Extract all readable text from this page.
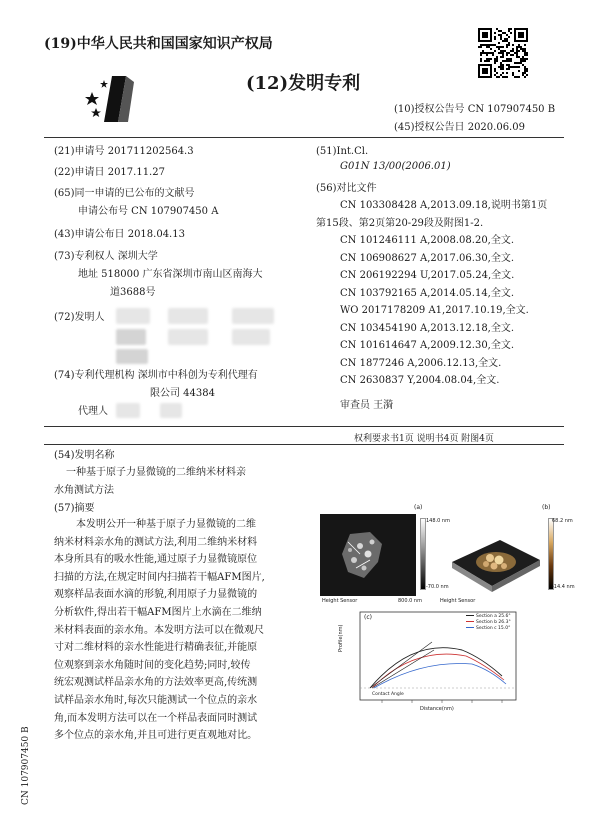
(19)中华人民共和国国家知识产权局
(12)发明专利
(10)授权公告号 CN 107907450 B
(45)授权公告日 2020.06.09
(21)申请号 201711202564.3
(22)申请日 2017.11.27
(65)同一申请的已公布的文献号
申请公布号 CN 107907450 A
(43)申请公布日 2018.04.13
(73)专利权人 深圳大学
地址 518000 广东省深圳市南山区南海大
道3688号
(72)发明人
(74)专利代理机构 深圳市中科创为专利代理有
限公司 44384
代理人
(51)Int.Cl.
G01N 13/00(2006.01)
(56)对比文件
CN 103308428 A,2013.09.18,说明书第1页
第15段、第2页第20-29段及附图1-2.
CN 101246111 A,2008.08.20,全文.
CN 106908627 A,2017.06.30,全文.
CN 206192294 U,2017.05.24,全文.
CN 103792165 A,2014.05.14,全文.
WO 2017178209 A1,2017.10.19,全文.
CN 103454190 A,2013.12.18,全文.
CN 101614647 A,2009.12.30,全文.
CN 1877246 A,2006.12.13,全文.
CN 2630837 Y,2004.08.04,全文.
审查员 王漪
权利要求书1页 说明书4页 附图4页
(54)发明名称
一种基于原子力显微镜的二维纳米材料亲
水角测试方法
(57)摘要
本发明公开一种基于原子力显微镜的二维
纳米材料亲水角的测试方法,利用二维纳米材料
本身所具有的吸水性能,通过原子力显微镜原位
扫描的方法,在规定时间内扫描若干幅AFM图片,
观察样品表面水滴的形貌,利用原子力显微镜的
分析软件,得出若干幅AFM图片上水滴在二维纳
米材料表面的亲水角。本发明方法可以在微观尺
寸对二维材料的亲水性能进行精确表征,并能原
位观察到亲水角随时间的变化趋势;同时,较传
统宏观测试样品亲水角的方法效率更高,传统测
试样品亲水角时,每次只能测试一个位点的亲水
角,而本发明方法可以在一个样品表面同时测试
多个位点的亲水角,并且可进行更直观地对比。
CN 107907450 B
(a)
148.0 nm
-70.0 nm
Height Sensor	800.0 nm
(b)
68.2 nm
-14.4 nm
Height Sensor
(c)	Section a 25.6°
Section b 26.3°
Section c 15.0°
Profile(nm)
Distance(nm)
Contact Angle
